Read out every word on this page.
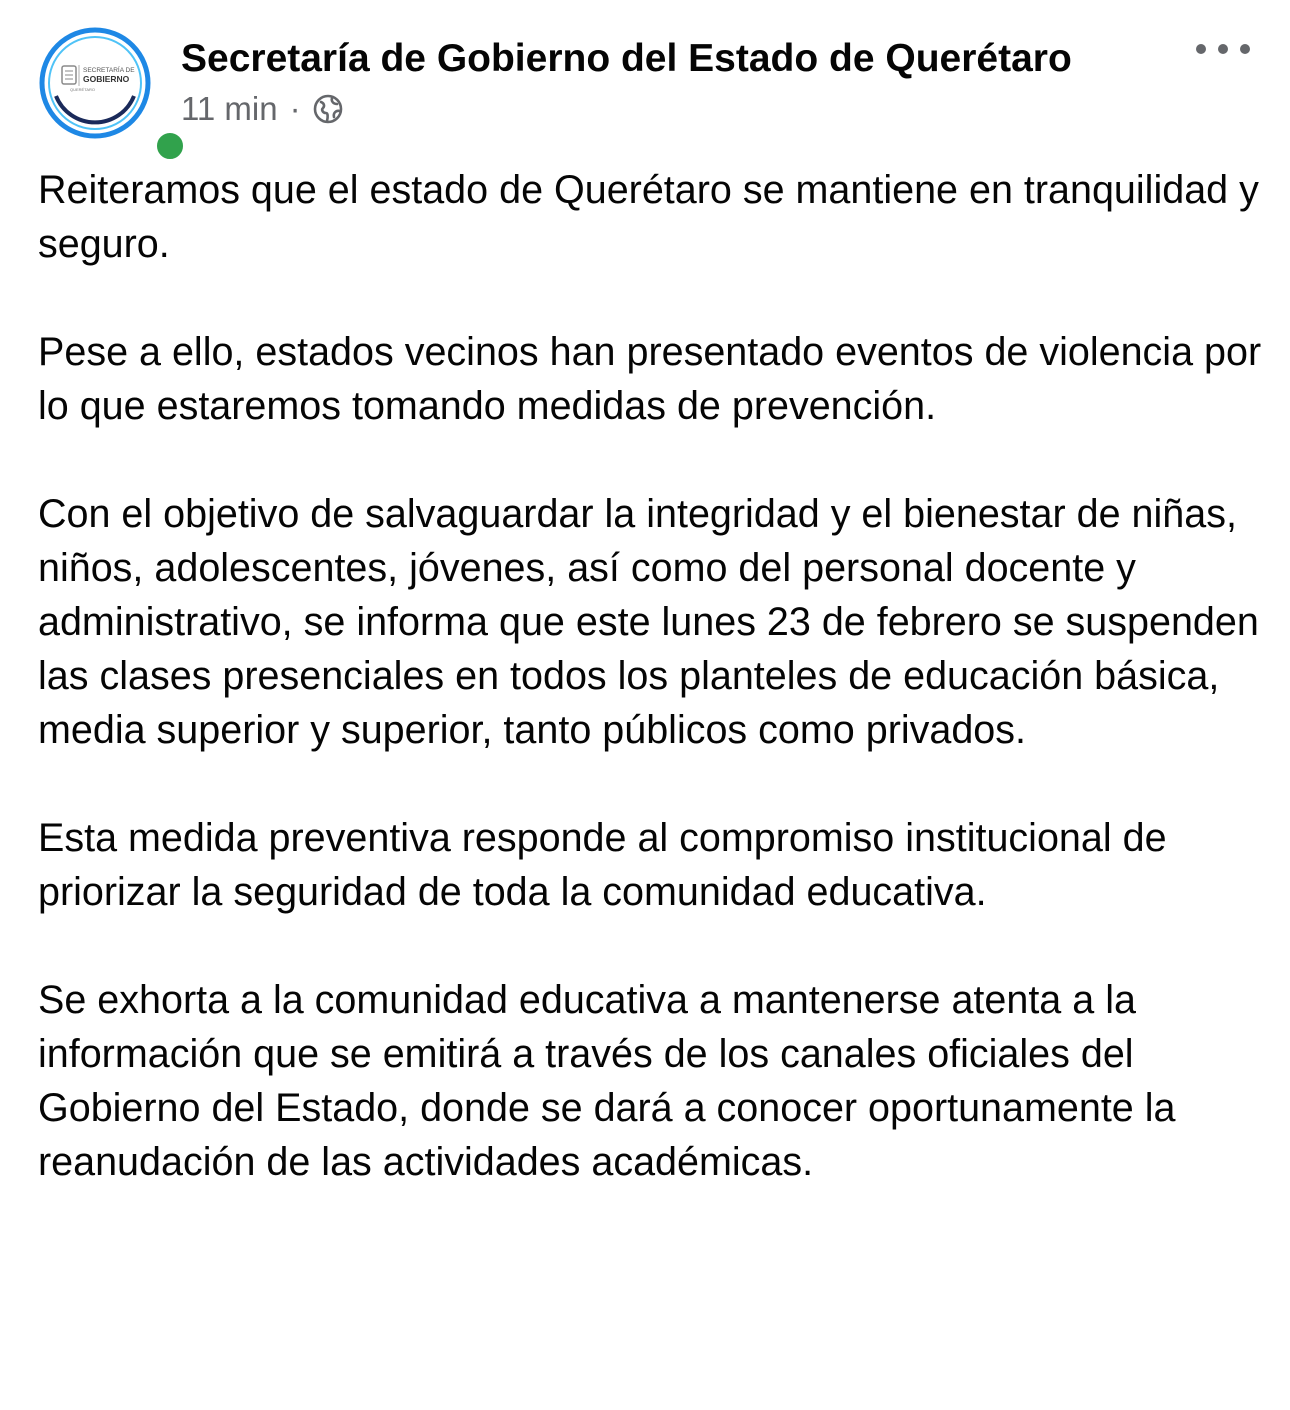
SECRETARÍA DE
GOBIERNO
QUERÉTARO
Secretaría de Gobierno del Estado de Querétaro
11 min ·

Reiteramos que el estado de Querétaro se mantiene en tranquilidad y seguro.

Pese a ello, estados vecinos han presentado eventos de violencia por lo que estaremos tomando medidas de prevención.

Con el objetivo de salvaguardar la integridad y el bienestar de niñas, niños, adolescentes, jóvenes, así como del personal docente y administrativo, se informa que este lunes 23 de febrero se suspenden las clases presenciales en todos los planteles de educación básica, media superior y superior, tanto públicos como privados.

Esta medida preventiva responde al compromiso institucional de priorizar la seguridad de toda la comunidad educativa.

Se exhorta a la comunidad educativa a mantenerse atenta a la información que se emitirá a través de los canales oficiales del Gobierno del Estado, donde se dará a conocer oportunamente la reanudación de las actividades académicas.
